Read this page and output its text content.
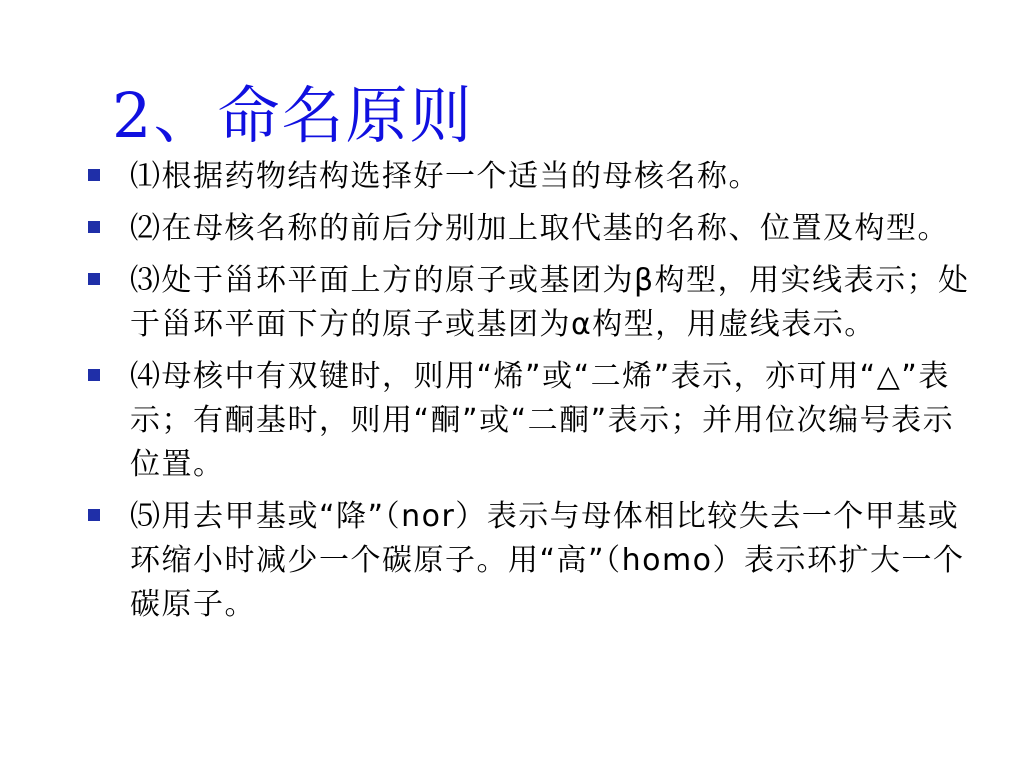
2、命名原则
⑴根据药物结构选择好一个适当的母核名称。
⑵在母核名称的前后分别加上取代基的名称、位置及构型。
⑶处于甾环平面上方的原子或基团为β构型，用实线表示；处于甾环平面下方的原子或基团为α构型，用虚线表示。
⑷母核中有双键时，则用“烯”或“二烯”表示，亦可用“△”表示；有酮基时，则用“酮”或“二酮”表示；并用位次编号表示位置。
⑸用去甲基或“降”（nor）表示与母体相比较失去一个甲基或环缩小时减少一个碳原子。用“高”（homo）表示环扩大一个碳原子。
